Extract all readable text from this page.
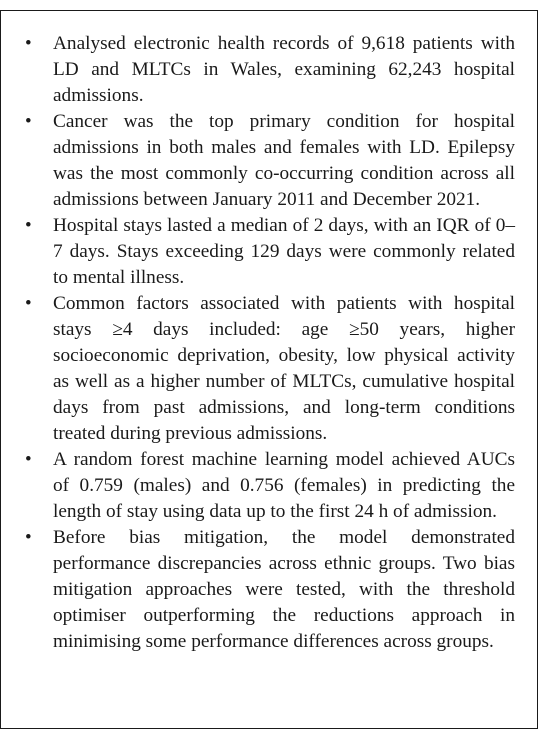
•	Analysed electronic health records of 9,618 patients with LD and MLTCs in Wales, examining 62,243 hospital admissions.
•	Cancer was the top primary condition for hospital admissions in both males and females with LD. Epilepsy was the most commonly co-occurring condition across all admissions between January 2011 and December 2021.
•	Hospital stays lasted a median of 2 days, with an IQR of 0–7 days. Stays exceeding 129 days were commonly related to mental illness.
•	Common factors associated with patients with hospital stays ≥4 days included: age ≥50 years, higher socioeconomic deprivation, obesity, low physical activity as well as a higher number of MLTCs, cumulative hospital days from past admissions, and long-term conditions treated during previous admissions.
•	A random forest machine learning model achieved AUCs of 0.759 (males) and 0.756 (females) in predicting the length of stay using data up to the first 24 h of admission.
•	Before bias mitigation, the model demonstrated performance discrepancies across ethnic groups. Two bias mitigation approaches were tested, with the threshold optimiser outperforming the reductions approach in minimising some performance differences across groups.
